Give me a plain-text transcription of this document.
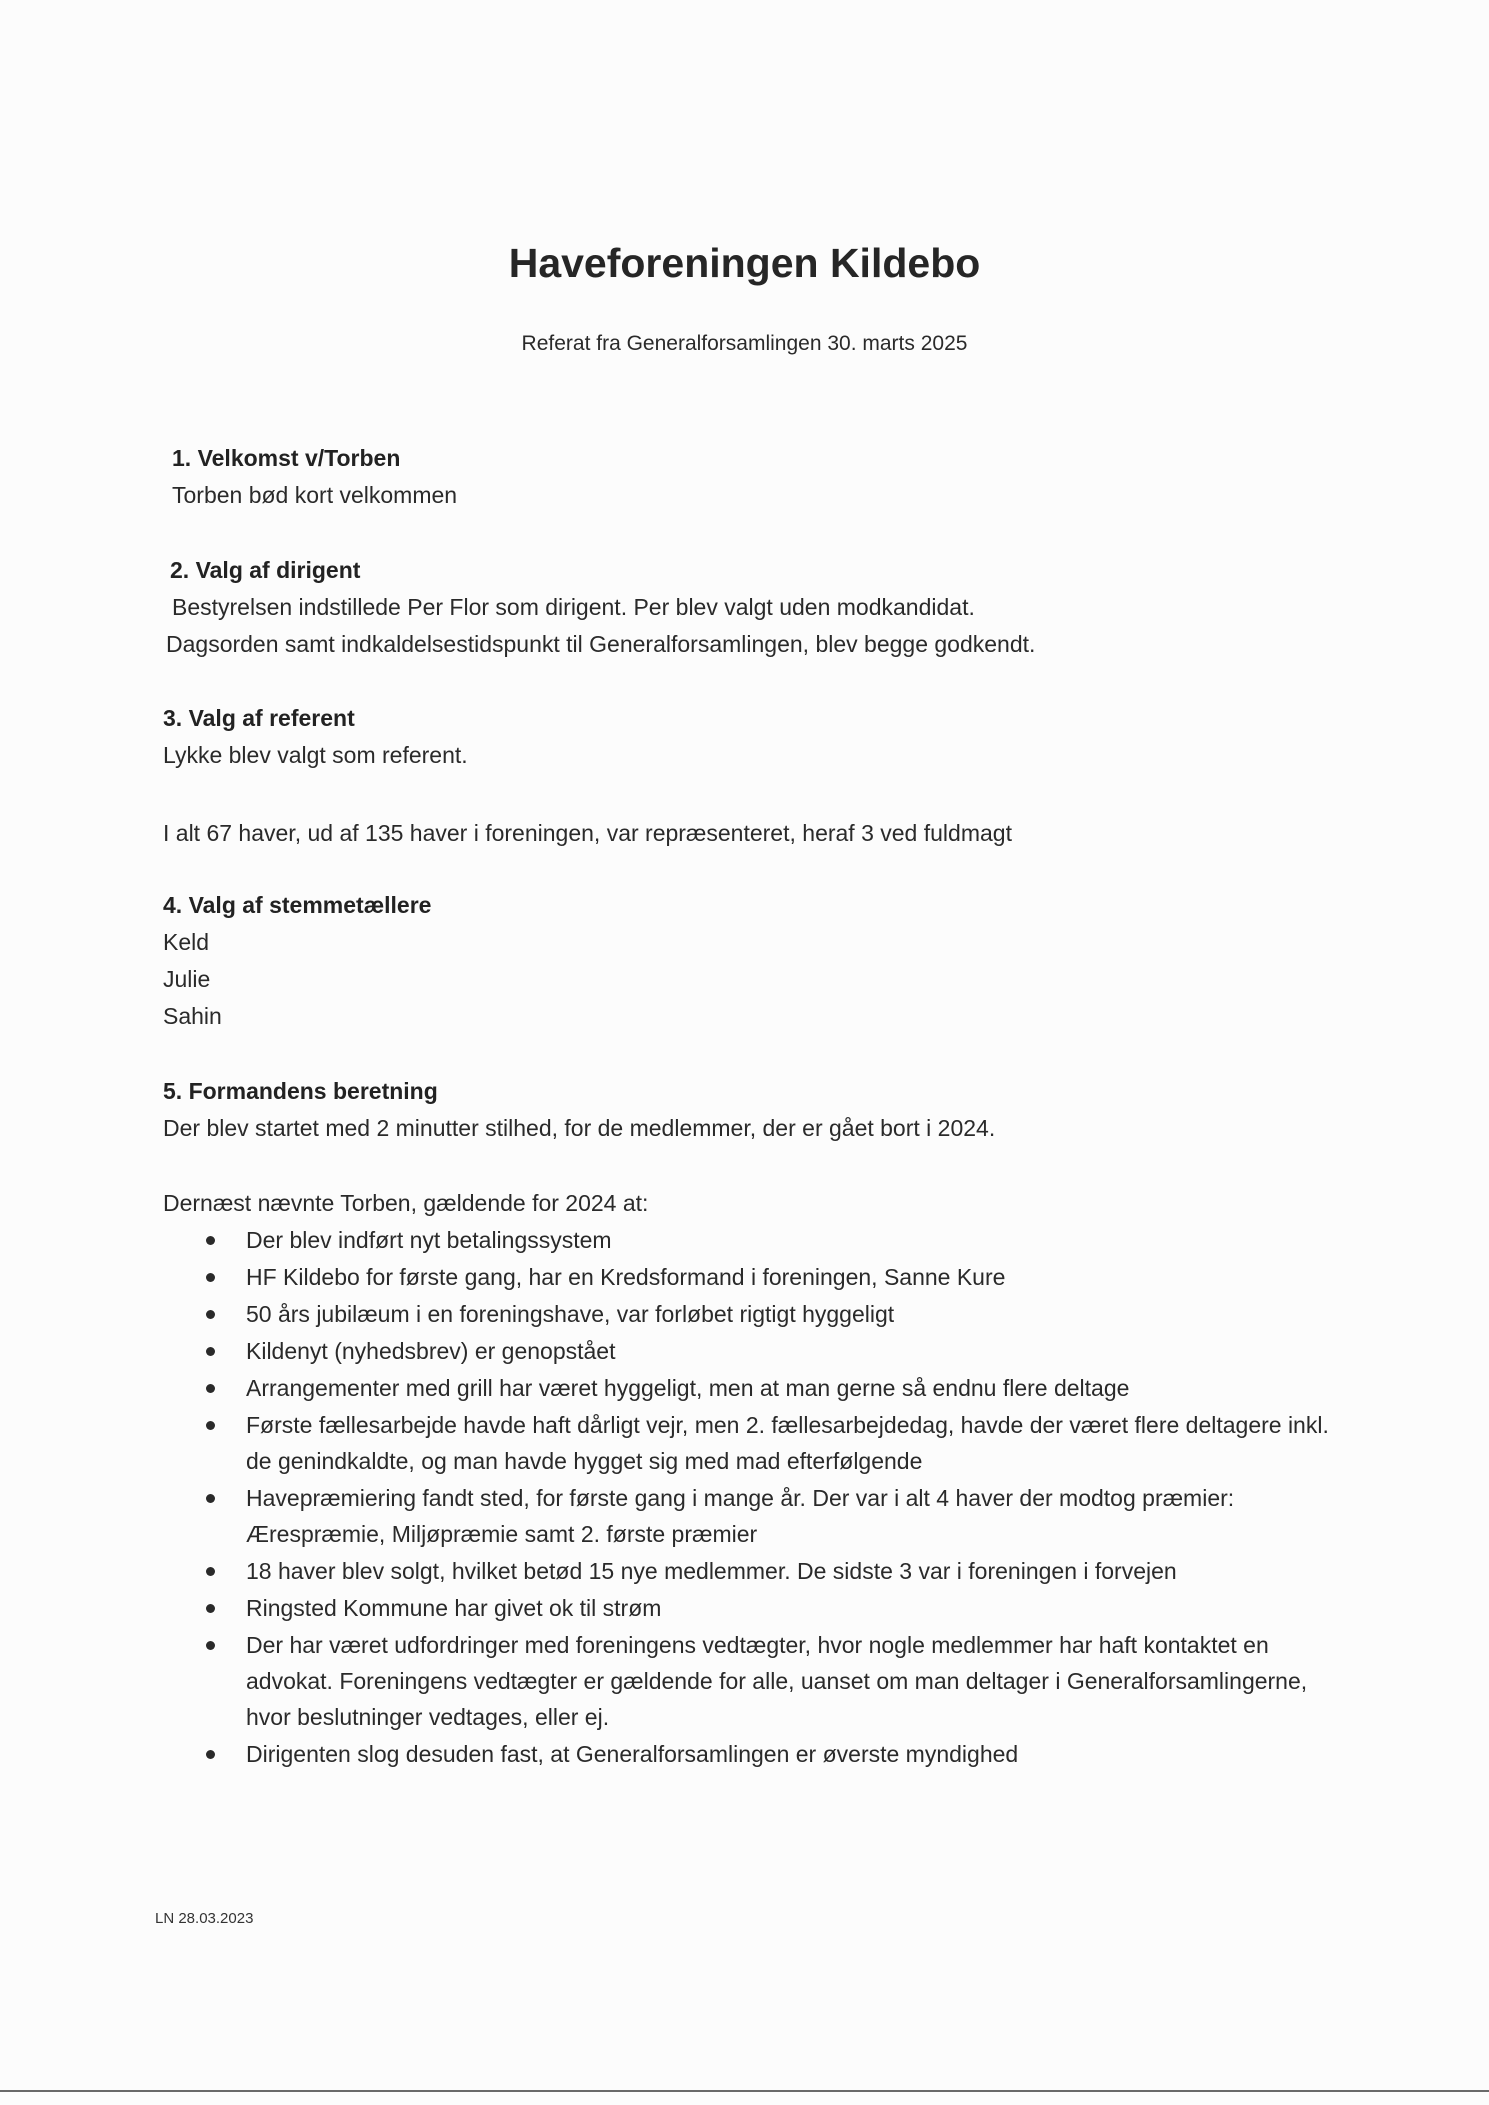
Haveforeningen Kildebo
Referat fra Generalforsamlingen 30. marts 2025

1. Velkomst v/Torben

Torben bød kort velkommen

2. Valg af dirigent

Bestyrelsen indstillede Per Flor som dirigent. Per blev valgt uden modkandidat.

Dagsorden samt indkaldelsestidspunkt til Generalforsamlingen, blev begge godkendt.

3. Valg af referent

Lykke blev valgt som referent.

I alt 67 haver, ud af 135 haver i foreningen, var repræsenteret, heraf 3 ved fuldmagt

4. Valg af stemmetællere

Keld

Julie

Sahin

5. Formandens beretning

Der blev startet med 2 minutter stilhed, for de medlemmer, der er gået bort i 2024.

Dernæst nævnte Torben, gældende for 2024 at:

Der blev indført nyt betalingssystem
HF Kildebo for første gang, har en Kredsformand i foreningen, Sanne Kure
50 års jubilæum i en foreningshave, var forløbet rigtigt hyggeligt
Kildenyt (nyhedsbrev) er genopstået
Arrangementer med grill har været hyggeligt, men at man gerne så endnu flere deltage
Første fællesarbejde havde haft dårligt vejr, men 2. fællesarbejdedag, havde der været flere deltagere inkl. de genindkaldte, og man havde hygget sig med mad efterfølgende
Havepræmiering fandt sted, for første gang i mange år. Der var i alt 4 haver der modtog præmier: Ærespræmie, Miljøpræmie samt 2. første præmier
18 haver blev solgt, hvilket betød 15 nye medlemmer. De sidste 3 var i foreningen i forvejen
Ringsted Kommune har givet ok til strøm
Der har været udfordringer med foreningens vedtægter, hvor nogle medlemmer har haft kontaktet en advokat. Foreningens vedtægter er gældende for alle, uanset om man deltager i Generalforsamlingerne, hvor beslutninger vedtages, eller ej.
Dirigenten slog desuden fast, at Generalforsamlingen er øverste myndighed
LN 28.03.2023
